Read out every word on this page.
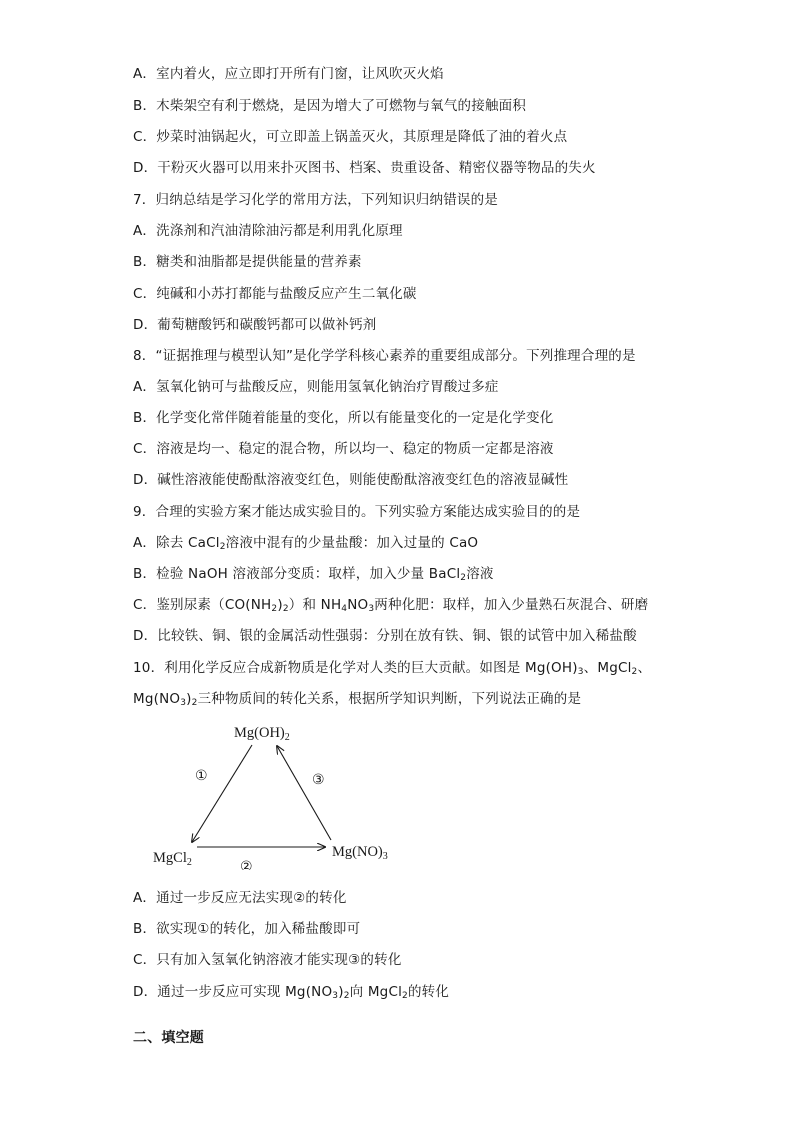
A．室内着火，应立即打开所有门窗，让风吹灭火焰
B．木柴架空有利于燃烧，是因为增大了可燃物与氧气的接触面积
C．炒菜时油锅起火，可立即盖上锅盖灭火，其原理是降低了油的着火点
D．干粉灭火器可以用来扑灭图书、档案、贵重设备、精密仪器等物品的失火
7．归纳总结是学习化学的常用方法，下列知识归纳错误的是
A．洗涤剂和汽油清除油污都是利用乳化原理
B．糖类和油脂都是提供能量的营养素
C．纯碱和小苏打都能与盐酸反应产生二氧化碳
D．葡萄糖酸钙和碳酸钙都可以做补钙剂
8．“证据推理与模型认知”是化学学科核心素养的重要组成部分。下列推理合理的是
A．氢氧化钠可与盐酸反应，则能用氢氧化钠治疗胃酸过多症
B．化学变化常伴随着能量的变化，所以有能量变化的一定是化学变化
C．溶液是均一、稳定的混合物，所以均一、稳定的物质一定都是溶液
D．碱性溶液能使酚酞溶液变红色，则能使酚酞溶液变红色的溶液显碱性
9．合理的实验方案才能达成实验目的。下列实验方案能达成实验目的的是
A．除去 CaCl$_2$溶液中混有的少量盐酸：加入过量的 CaO
B．检验 NaOH 溶液部分变质：取样，加入少量 BaCl$_2$溶液
C．鉴别尿素$(CO(NH_2)_2)$和 $NH_4NO_3$两种化肥：取样，加入少量熟石灰混合、研磨
D．比较铁、铜、银的金属活动性强弱：分别在放有铁、铜、银的试管中加入稀盐酸
10．利用化学反应合成新物质是化学对人类的巨大贡献。如图是 $Mg(OH)_3$、MgCl$_2$、
$Mg(NO_3)_2$三种物质间的转化关系，根据所学知识判断，下列说法正确的是
$Mg(OH)_2$
MgCl$_2$
$Mg(NO)_3$
①
②
③
A．通过一步反应无法实现②的转化
B．欲实现①的转化，加入稀盐酸即可
C．只有加入氢氧化钠溶液才能实现③的转化
D．通过一步反应可实现 $Mg(NO_3)_2$向 MgCl$_2$的转化
二、填空题
